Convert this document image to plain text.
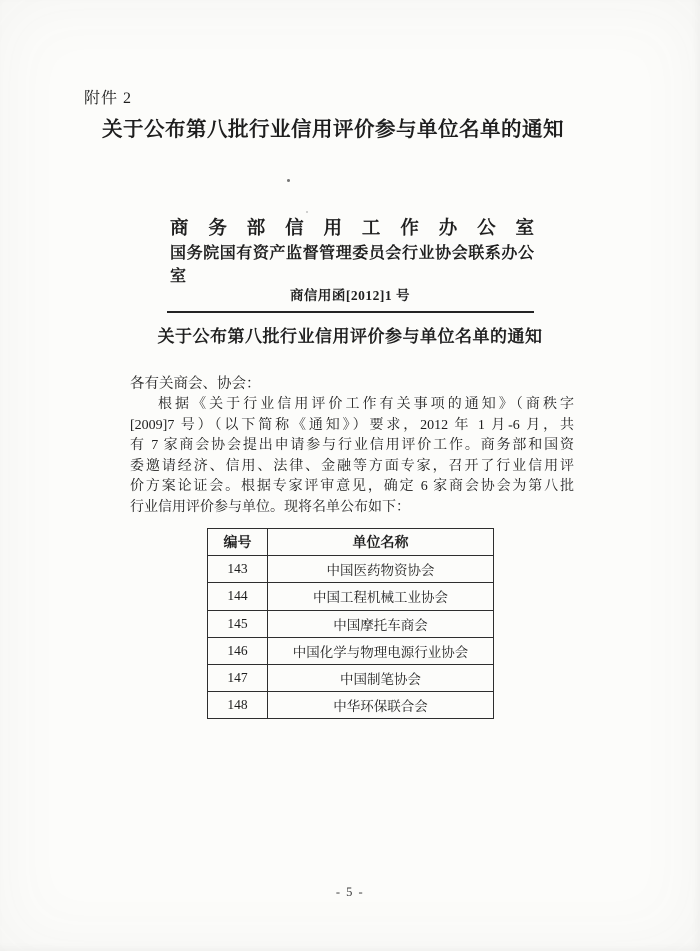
附件 2
关于公布第八批行业信用评价参与单位名单的通知
商 务 部 信 用 工 作 办 公 室
国务院国有资产监督管理委员会行业协会联系办公室
商信用函[2012]1 号
关于公布第八批行业信用评价参与单位名单的通知
各有关商会、协会：
根据《关于行业信用评价工作有关事项的通知》（商秩字
[2009]7 号）（以下简称《通知》）要求，2012 年 1 月-6 月，共
有 7 家商会协会提出申请参与行业信用评价工作。商务部和国资
委邀请经济、信用、法律、金融等方面专家，召开了行业信用评
价方案论证会。根据专家评审意见，确定 6 家商会协会为第八批
行业信用评价参与单位。现将名单公布如下：
编号	单位名称
143	中国医药物资协会
144	中国工程机械工业协会
145	中国摩托车商会
146	中国化学与物理电源行业协会
147	中国制笔协会
148	中华环保联合会
- 5 -
